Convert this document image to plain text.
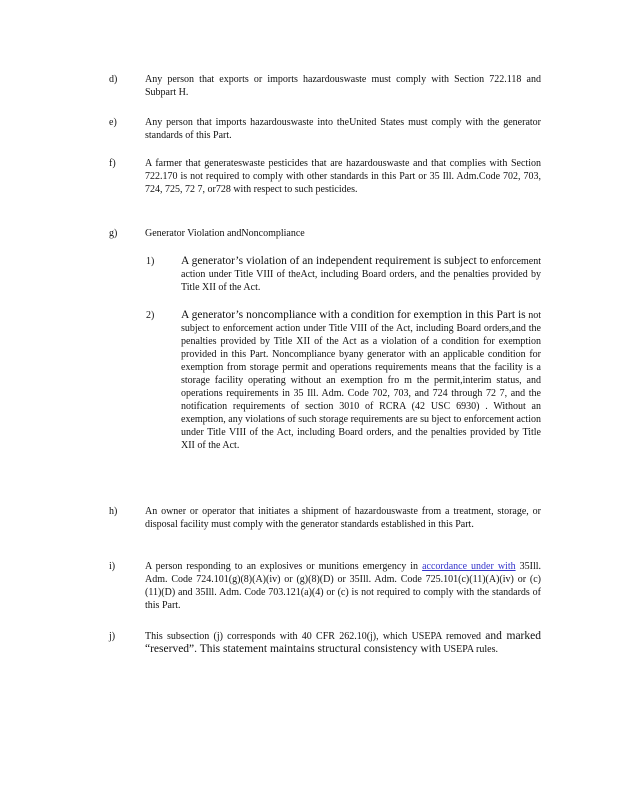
d)	Any person that exports or imports hazardouswaste must comply with Section 722.118 and Subpart H.
e)	Any person that imports hazardouswaste into theUnited States must comply with the generator standards of this Part.
f)	A farmer that generateswaste pesticides that are hazardouswaste and that complies with Section 722.170 is not required to comply with other standards in this Part or 35 Ill. Adm.Code 702, 703, 724, 725, 72 7, or728 with respect to such pesticides.
g)	Generator Violation andNoncompliance
1) A generator’s violation of an independent requirement is subject to enforcement action under Title VIII of theAct, including Board orders, and the penalties provided by Title XII of the Act.
2) A generator’s noncompliance with a condition for exemption in this Part is not subject to enforcement action under Title VIII of the Act, including Board orders,and the penalties provided by Title XII of the Act as a violation of a condition for exemption provided in this Part. Noncompliance byany generator with an applicable condition for exemption from storage permit and operations requirements means that the facility is a storage facility operating without an exemption fro m the permit,interim status, and operations requirements in 35 Ill. Adm. Code 702, 703, and 724 through 72 7, and the notification requirements of section 3010 of RCRA (42 USC 6930) . Without an exemption, any violations of such storage requirements are su bject to enforcement action under Title VIII of the Act, including Board orders, and the penalties provided by Title XII of the Act.
h)	An owner or operator that initiates a shipment of hazardouswaste from a treatment, storage, or disposal facility must comply with the generator standards established in this Part.
i)	A person responding to an explosives or munitions emergency in accordance under with 35Ill. Adm. Code 724.101(g)(8)(A)(iv) or (g)(8)(D) or 35Ill. Adm. Code 725.101(c)(11)(A)(iv) or (c)(11)(D) and 35Ill. Adm. Code 703.121(a)(4) or (c) is not required to comply with the standards of this Part.
j)	This subsection (j) corresponds with 40 CFR 262.10(j), which USEPA removed and marked “reserved”. This statement maintains structural consistency with USEPA rules.
